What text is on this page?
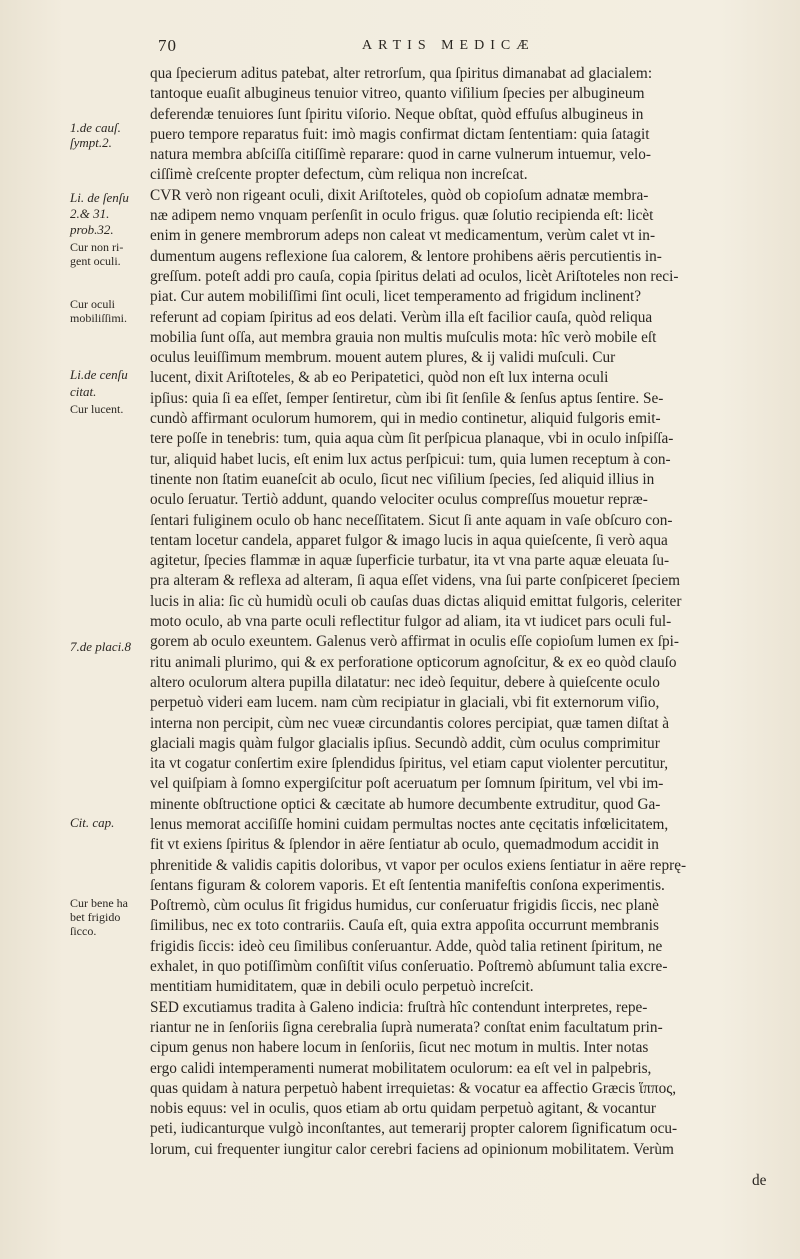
70	ARTIS MEDICÆ
1.de cauſ.
ſympt.2.
Li. de ſenſu
2.& 31.
prob.32.
Cur non ri-
gent oculi.
Cur oculi
mobiliſſimi.
Li.de cenſu
citat.
Cur lucent.
7.de placi.8
Cit. cap.
Cur bene ha
bet frigido
ſicco.
qua ſpecierum aditus patebat, alter retrorſum, qua ſpiritus dimanabat ad glacialem:
tantoque euaſit albugineus tenuior vitreo, quanto viſilium ſpecies per albugineum
deferendæ tenuiores ſunt ſpiritu viſorio. Neque obſtat, quòd effuſus albugineus in
puero tempore reparatus fuit: imò magis confirmat dictam ſententiam: quia ſatagit
natura membra abſciſſa citiſſimè reparare: quod in carne vulnerum intuemur, velo-
ciſſimè creſcente propter defectum, cùm reliqua non increſcat.
CVR verò non rigeant oculi, dixit Ariſtoteles, quòd ob copioſum adnatæ membra-
næ adipem nemo vnquam perſenſit in oculo frigus. quæ ſolutio recipienda eſt: licèt
enim in genere membrorum adeps non caleat vt medicamentum, verùm calet vt in-
dumentum augens reflexione ſua calorem, & lentore prohibens aëris percutientis in-
greſſum. poteſt addi pro cauſa, copia ſpiritus delati ad oculos, licèt Ariſtoteles non reci-
piat. Cur autem mobiliſſimi ſint oculi, licet temperamento ad frigidum inclinent?
referunt ad copiam ſpiritus ad eos delati. Verùm illa eſt facilior cauſa, quòd reliqua
mobilia ſunt oſſa, aut membra grauia non multis muſculis mota: hîc verò mobile eſt
oculus leuiſſimum membrum. mouent autem plures, & ij validi muſculi. Cur
lucent, dixit Ariſtoteles, & ab eo Peripatetici, quòd non eſt lux interna oculi
ipſius: quia ſi ea eſſet, ſemper ſentiretur, cùm ibi ſit ſenſile & ſenſus aptus ſentire. Se-
cundò affirmant oculorum humorem, qui in medio continetur, aliquid fulgoris emit-
tere poſſe in tenebris: tum, quia aqua cùm ſit perſpicua planaque, vbi in oculo inſpiſſa-
tur, aliquid habet lucis, eſt enim lux actus perſpicui: tum, quia lumen receptum à con-
tinente non ſtatim euaneſcit ab oculo, ſicut nec viſilium ſpecies, ſed aliquid illius in
oculo ſeruatur. Tertiò addunt, quando velociter oculus compreſſus mouetur repræ-
ſentari fuliginem oculo ob hanc neceſſitatem. Sicut ſi ante aquam in vaſe obſcuro con-
tentam locetur candela, apparet fulgor & imago lucis in aqua quieſcente, ſi verò aqua
agitetur, ſpecies flammæ in aquæ ſuperficie turbatur, ita vt vna parte aquæ eleuata ſu-
pra alteram & reflexa ad alteram, ſi aqua eſſet videns, vna ſui parte conſpiceret ſpeciem
lucis in alia: ſic cù humidù oculi ob cauſas duas dictas aliquid emittat fulgoris, celeriter
moto oculo, ab vna parte oculi reflectitur fulgor ad aliam, ita vt iudicet pars oculi ful-
gorem ab oculo exeuntem. Galenus verò affirmat in oculis eſſe copioſum lumen ex ſpi-
ritu animali plurimo, qui & ex perforatione opticorum agnoſcitur, & ex eo quòd clauſo
altero oculorum altera pupilla dilatatur: nec ideò ſequitur, debere à quieſcente oculo
perpetuò videri eam lucem. nam cùm recipiatur in glaciali, vbi fit externorum viſio,
interna non percipit, cùm nec vueæ circundantis colores percipiat, quæ tamen diſtat à
glaciali magis quàm fulgor glacialis ipſius. Secundò addit, cùm oculus comprimitur
ita vt cogatur conſertim exire ſplendidus ſpiritus, vel etiam caput violenter percutitur,
vel quiſpiam à ſomno expergiſcitur poſt aceruatum per ſomnum ſpiritum, vel vbi im-
minente obſtructione optici & cæcitate ab humore decumbente extruditur, quod Ga-
lenus memorat acciſiſſe homini cuidam permultas noctes ante cęcitatis infœlicitatem,
fit vt exiens ſpiritus & ſplendor in aëre ſentiatur ab oculo, quemadmodum accidit in
phrenitide & validis capitis doloribus, vt vapor per oculos exiens ſentiatur in aëre reprę-
ſentans figuram & colorem vaporis. Et eſt ſententia manifeſtis conſona experimentis.
Poſtremò, cùm oculus ſit frigidus humidus, cur conſeruatur frigidis ſiccis, nec planè
ſimilibus, nec ex toto contrariis. Cauſa eſt, quia extra appoſita occurrunt membranis
frigidis ſiccis: ideò ceu ſimilibus conſeruantur. Adde, quòd talia retinent ſpiritum, ne
exhalet, in quo potiſſimùm conſiſtit viſus conſeruatio. Poſtremò abſumunt talia excre-
mentitiam humiditatem, quæ in debili oculo perpetuò increſcit.
SED excutiamus tradita à Galeno indicia: fruſtrà hîc contendunt interpretes, repe-
riantur ne in ſenſoriis ſigna cerebralia ſuprà numerata? conſtat enim facultatum prin-
cipum genus non habere locum in ſenſoriis, ſicut nec motum in multis. Inter notas
ergo calidi intemperamenti numerat mobilitatem oculorum: ea eſt vel in palpebris,
quas quidam à natura perpetuò habent irrequietas: & vocatur ea affectio Græcis ἵππος,
nobis equus: vel in oculis, quos etiam ab ortu quidam perpetuò agitant, & vocantur
peti, iudicanturque vulgò inconſtantes, aut temerarij propter calorem ſignificatum ocu-
lorum, cui frequenter iungitur calor cerebri faciens ad opinionum mobilitatem. Verùm
de
